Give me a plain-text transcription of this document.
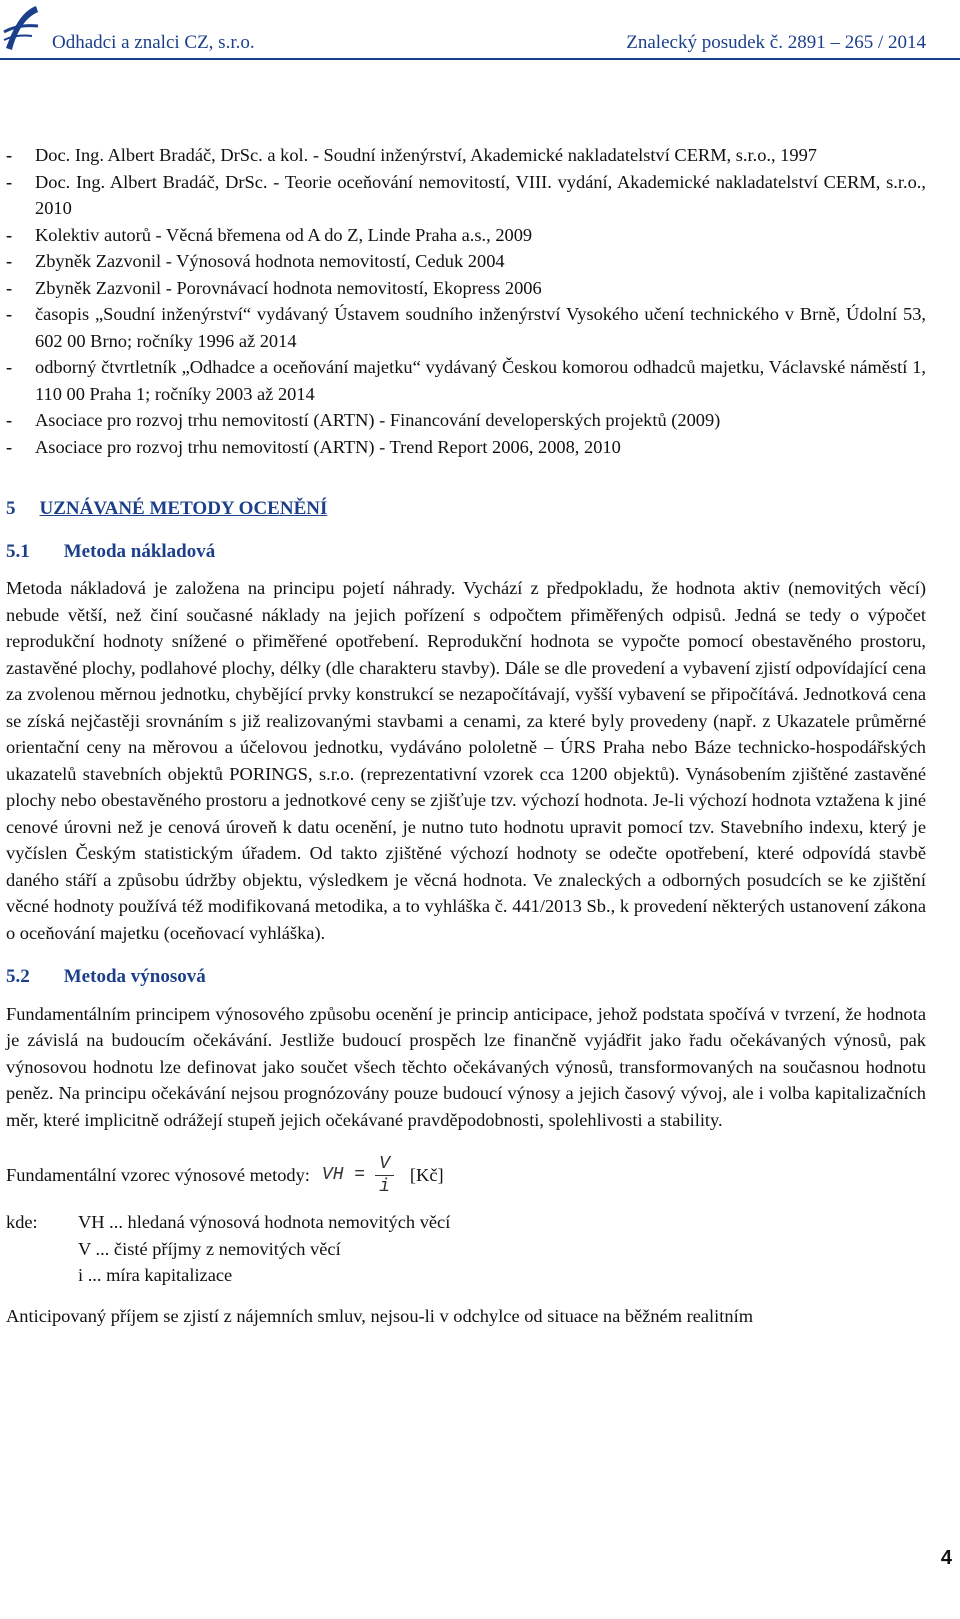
Odhadci a znalci CZ, s.r.o.	Znalecký posudek č. 2891 – 265 / 2014
- Doc. Ing. Albert Bradáč, DrSc. a kol. - Soudní inženýrství, Akademické nakladatelství CERM, s.r.o., 1997
- Doc. Ing. Albert Bradáč, DrSc. - Teorie oceňování nemovitostí, VIII. vydání, Akademické nakladatelství CERM, s.r.o., 2010
- Kolektiv autorů - Věcná břemena od A do Z, Linde Praha a.s., 2009
- Zbyněk Zazvonil - Výnosová hodnota nemovitostí, Ceduk 2004
- Zbyněk Zazvonil - Porovnávací hodnota nemovitostí, Ekopress 2006
- časopis „Soudní inženýrství“ vydávaný Ústavem soudního inženýrství Vysokého učení technického v Brně, Údolní 53, 602 00 Brno; ročníky 1996 až 2014
- odborný čtvrtletník „Odhadce a oceňování majetku“ vydávaný Českou komorou odhadců majetku, Václavské náměstí 1, 110 00 Praha 1; ročníky 2003 až 2014
- Asociace pro rozvoj trhu nemovitostí (ARTN) - Financování developerských projektů (2009)
- Asociace pro rozvoj trhu nemovitostí (ARTN) - Trend Report 2006, 2008, 2010
5 UZNÁVANÉ METODY OCENĚNÍ
5.1 Metoda nákladová

Metoda nákladová je založena na principu pojetí náhrady. Vychází z předpokladu, že hodnota aktiv (nemovitých věcí) nebude větší, než činí současné náklady na jejich pořízení s odpočtem přiměřených odpisů. Jedná se tedy o výpočet reprodukční hodnoty snížené o přiměřené opotřebení. Reprodukční hodnota se vypočte pomocí obestavěného prostoru, zastavěné plochy, podlahové plochy, délky (dle charakteru stavby). Dále se dle provedení a vybavení zjistí odpovídající cena za zvolenou měrnou jednotku, chybějící prvky konstrukcí se nezapočítávají, vyšší vybavení se připočítává. Jednotková cena se získá nejčastěji srovnáním s již realizovanými stavbami a cenami, za které byly provedeny (např. z Ukazatele průměrné orientační ceny na měrovou a účelovou jednotku, vydáváno pololetně – ÚRS Praha nebo Báze technicko-hospodářských ukazatelů stavebních objektů PORINGS, s.r.o. (reprezentativní vzorek cca 1200 objektů). Vynásobením zjištěné zastavěné plochy nebo obestavěného prostoru a jednotkové ceny se zjišťuje tzv. výchozí hodnota. Je-li výchozí hodnota vztažena k jiné cenové úrovni než je cenová úroveň k datu ocenění, je nutno tuto hodnotu upravit pomocí tzv. Stavebního indexu, který je vyčíslen Českým statistickým úřadem. Od takto zjištěné výchozí hodnoty se odečte opotřebení, které odpovídá stavbě daného stáří a způsobu údržby objektu, výsledkem je věcná hodnota. Ve znaleckých a odborných posudcích se ke zjištění věcné hodnoty používá též modifikovaná metodika, a to vyhláška č. 441/2013 Sb., k provedení některých ustanovení zákona o oceňování majetku (oceňovací vyhláška).

5.2 Metoda výnosová

Fundamentálním principem výnosového způsobu ocenění je princip anticipace, jehož podstata spočívá v tvrzení, že hodnota je závislá na budoucím očekávání. Jestliže budoucí prospěch lze finančně vyjádřit jako řadu očekávaných výnosů, pak výnosovou hodnotu lze definovat jako součet všech těchto očekávaných výnosů, transformovaných na současnou hodnotu peněz. Na principu očekávání nejsou prognózovány pouze budoucí výnosy a jejich časový vývoj, ale i volba kapitalizačních měr, které implicitně odrážejí stupeň jejich očekávané pravděpodobnosti, spolehlivosti a stability.

Fundamentální vzorec výnosové metody: VH = $\frac{V}{i}$ [Kč]
kde:	VH ... hledaná výnosová hodnota nemovitých věcí
V ... čisté příjmy z nemovitých věcí
i ... míra kapitalizace

Anticipovaný příjem se zjistí z nájemních smluv, nejsou-li v odchylce od situace na běžném realitním

4
